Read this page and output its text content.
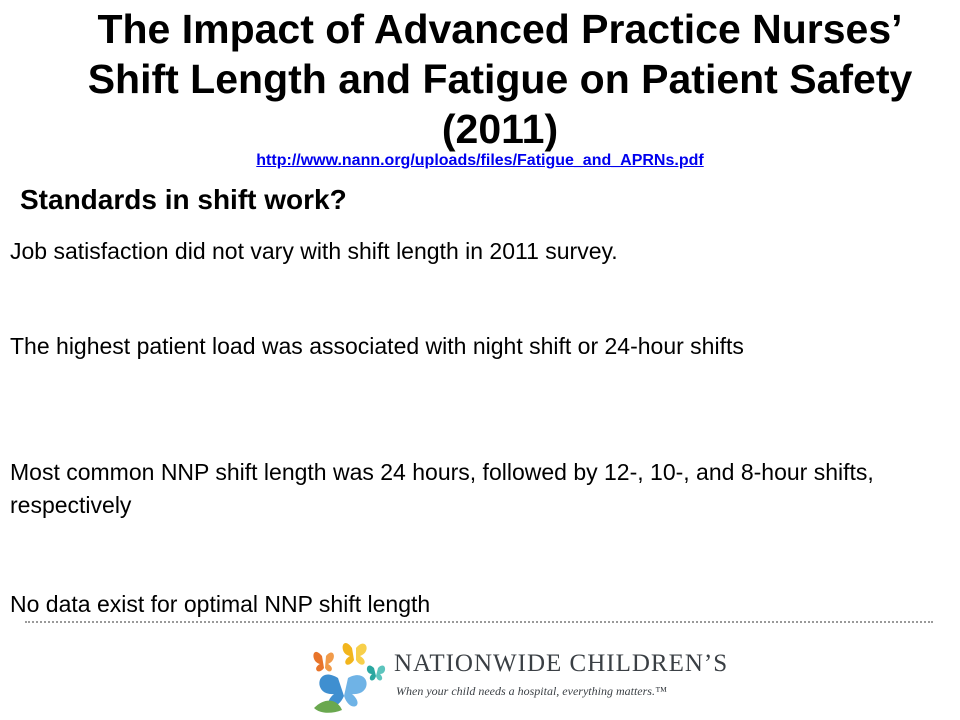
The Impact of Advanced Practice Nurses’
Shift Length and Fatigue on Patient Safety
(2011)
http://www.nann.org/uploads/files/Fatigue_and_APRNs.pdf
Standards in shift work?
Job satisfaction did not vary with shift length in 2011 survey.
The highest patient load was associated with night shift or 24-hour shifts
Most common NNP shift length was 24 hours, followed by 12-, 10-, and 8-hour shifts, respectively
No data exist for optimal NNP shift length
NATIONWIDE CHILDREN’S
When your child needs a hospital, everything matters.™
